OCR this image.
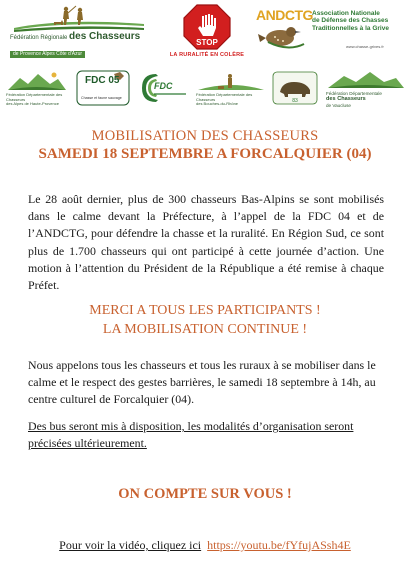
Fédération Régionale des Chasseurs
de Provence Alpes Côte d'Azur
STOP
LA RURALITÉ EN COLÈRE
ANDCTG Association Nationale
de Défense des Chasses
Traditionnelles à la Grive
www.chasse-grives.fr
Fédération Départementale des Chasseurs
des Alpes de Haute-Provence
FDC 05
Chasse et faune sauvage
FDC
Fédération Départementale des Chasseurs
des Bouches-du-Rhône	83
Fédération Départementale
des Chasseurs
de Vaucluse
MOBILISATION DES CHASSEURS
SAMEDI 18 SEPTEMBRE A FORCALQUIER (04)

Le 28 août dernier, plus de 300 chasseurs Bas-Alpins se sont mobilisés dans le calme devant la Préfecture, à l’appel de la FDC 04 et de l’ANDCTG, pour défendre la chasse et la ruralité. En Région Sud, ce sont plus de 1.700 chasseurs qui ont participé à cette journée d’action. Une motion à l’attention du Président de la République a été remise à chaque Préfet.

MERCI A TOUS LES PARTICIPANTS !
LA MOBILISATION CONTINUE !

Nous appelons tous les chasseurs et tous les ruraux à se mobiliser dans le calme et le respect des gestes barrières, le samedi 18 septembre à 14h, au centre culturel de Forcalquier (04).

Des bus seront mis à disposition, les modalités d’organisation seront précisées ultérieurement.

ON COMPTE SUR VOUS !
Pour voir la vidéo, cliquez ici https://youtu.be/fYfujASsh4E
